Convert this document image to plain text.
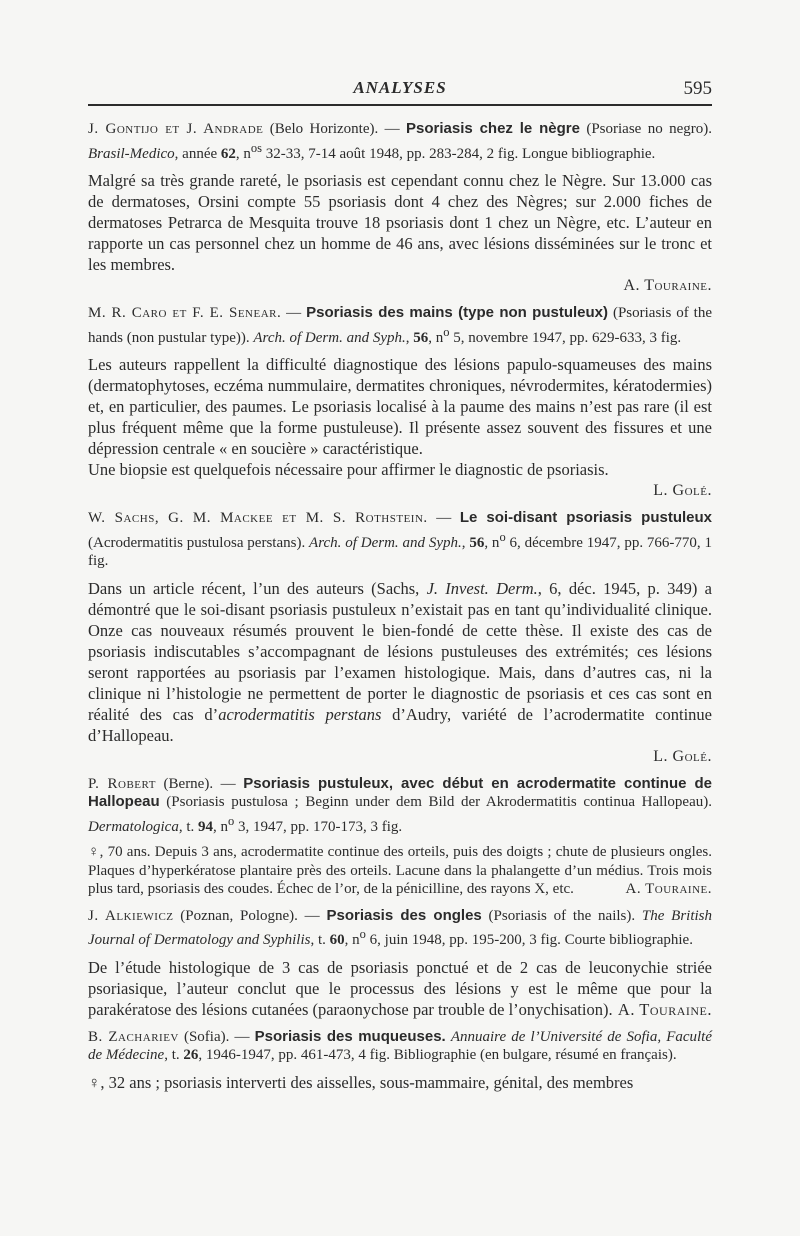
ANALYSES	595

J. Gontijo et J. Andrade (Belo Horizonte). — Psoriasis chez le nègre (Psoriase no negro). Brasil-Medico, année 62, $n^{os}$ 32-33, 7-14 août 1948, pp. 283-284, 2 fig. Longue bibliographie.

Malgré sa très grande rareté, le psoriasis est cependant connu chez le Nègre. Sur 13.000 cas de dermatoses, Orsini compte 55 psoriasis dont 4 chez des Nègres; sur 2.000 fiches de dermatoses Petrarca de Mesquita trouve 18 psoriasis dont 1 chez un Nègre, etc. L’auteur en rapporte un cas personnel chez un homme de 46 ans, avec lésions disséminées sur le tronc et les membres.

A. Touraine.

M. R. Caro et F. E. Senear. — Psoriasis des mains (type non pustuleux) (Psoriasis of the hands (non pustular type)). Arch. of Derm. and Syph., 56, $n^o$ 5, novembre 1947, pp. 629-633, 3 fig.

Les auteurs rappellent la difficulté diagnostique des lésions papulo-squameuses des mains (dermatophytoses, eczéma nummulaire, dermatites chroniques, névrodermites, kératodermies) et, en particulier, des paumes. Le psoriasis localisé à la paume des mains n’est pas rare (il est plus fréquent même que la forme pustuleuse). Il présente assez souvent des fissures et une dépression centrale « en soucière » caractéristique.

Une biopsie est quelquefois nécessaire pour affirmer le diagnostic de psoriasis.

L. Golé.

W. Sachs, G. M. Mackee et M. S. Rothstein. — Le soi-disant psoriasis pustuleux (Acrodermatitis pustulosa perstans). Arch. of Derm. and Syph., 56, $n^o$ 6, décembre 1947, pp. 766-770, 1 fig.

Dans un article récent, l’un des auteurs (Sachs, J. Invest. Derm., 6, déc. 1945, p. 349) a démontré que le soi-disant psoriasis pustuleux n’existait pas en tant qu’individualité clinique. Onze cas nouveaux résumés prouvent le bien-fondé de cette thèse. Il existe des cas de psoriasis indiscutables s’accompagnant de lésions pustuleuses des extrémités; ces lésions seront rapportées au psoriasis par l’examen histologique. Mais, dans d’autres cas, ni la clinique ni l’histologie ne permettent de porter le diagnostic de psoriasis et ces cas sont en réalité des cas d’acrodermatitis perstans d’Audry, variété de l’acrodermatite continue d’Hallopeau.

L. Golé.

P. Robert (Berne). — Psoriasis pustuleux, avec début en acrodermatite continue de Hallopeau (Psoriasis pustulosa ; Beginn under dem Bild der Akrodermatitis continua Hallopeau). Dermatologica, t. 94, $n^o$ 3, 1947, pp. 170-173, 3 fig.

♀, 70 ans. Depuis 3 ans, acrodermatite continue des orteils, puis des doigts ; chute de plusieurs ongles. Plaques d’hyperkératose plantaire près des orteils. Lacune dans la phalangette d’un médius. Trois mois plus tard, psoriasis des coudes. Échec de l’or, de la pénicilline, des rayons X, etc.	A. Touraine.

J. Alkiewicz (Poznan, Pologne). — Psoriasis des ongles (Psoriasis of the nails). The British Journal of Dermatology and Syphilis, t. 60, $n^o$ 6, juin 1948, pp. 195-200, 3 fig. Courte bibliographie.

De l’étude histologique de 3 cas de psoriasis ponctué et de 2 cas de leuconychie striée psoriasique, l’auteur conclut que le processus des lésions y est le même que pour la parakératose des lésions cutanées (paraonychose par trouble de l’onychisation). A. Touraine.

B. Zachariev (Sofia). — Psoriasis des muqueuses. Annuaire de l’Université de Sofia, Faculté de Médecine, t. 26, 1946-1947, pp. 461-473, 4 fig. Bibliographie (en bulgare, résumé en français).

♀, 32 ans ; psoriasis interverti des aisselles, sous-mammaire, génital, des membres
